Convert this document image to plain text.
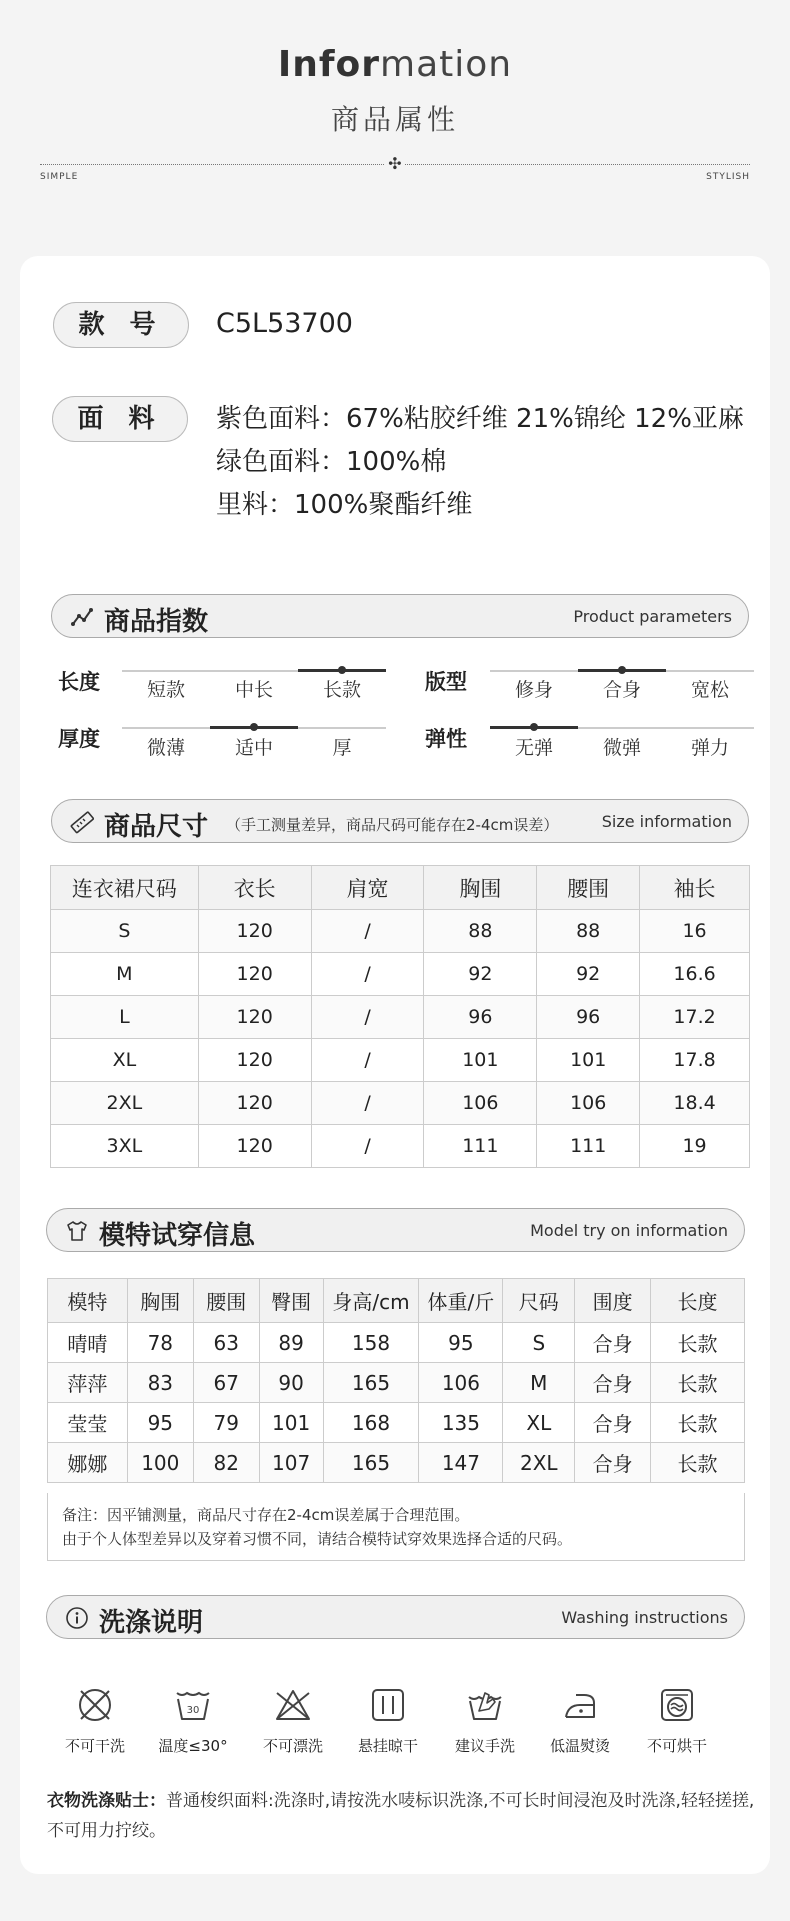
Information
商品属性
✣
SIMPLE	STYLISH
款 号	C5L53700
面 料	紫色面料：67%粘胶纤维 21%锦纶 12%亚麻
绿色面料：100%棉
里料：100%聚酯纤维
商品指数	Product parameters
长度	短款	中长	长款	版型	修身	合身	宽松
厚度	微薄	适中	厚	弹性	无弹	微弹	弹力
商品尺寸 （手工测量差异，商品尺码可能存在2-4cm误差）	Size information
连衣裙尺码	衣长	肩宽	胸围	腰围	袖长
S	120	/	88	88	16
M	120	/	92	92	16.6
L	120	/	96	96	17.2
XL	120	/	101	101	17.8
2XL	120	/	106	106	18.4
3XL	120	/	111	111	19
模特试穿信息	Model try on information
模特	胸围	腰围	臀围	身高/cm	体重/斤	尺码	围度	长度
晴晴	78	63	89	158	95	S	合身	长款
萍萍	83	67	90	165	106	M	合身	长款
莹莹	95	79	101	168	135	XL	合身	长款
娜娜	100	82	107	165	147	2XL	合身	长款
备注：因平铺测量，商品尺寸存在2-4cm误差属于合理范围。
由于个人体型差异以及穿着习惯不同，请结合模特试穿效果选择合适的尺码。
洗涤说明	Washing instructions
不可干洗
30
温度≤30°	不可漂洗	悬挂晾干	建议手洗	低温熨烫	不可烘干
衣物洗涤贴士：普通梭织面料:洗涤时,请按洗水唛标识洗涤,不可长时间浸泡及时洗涤,轻轻搓搓,不可用力拧绞。
